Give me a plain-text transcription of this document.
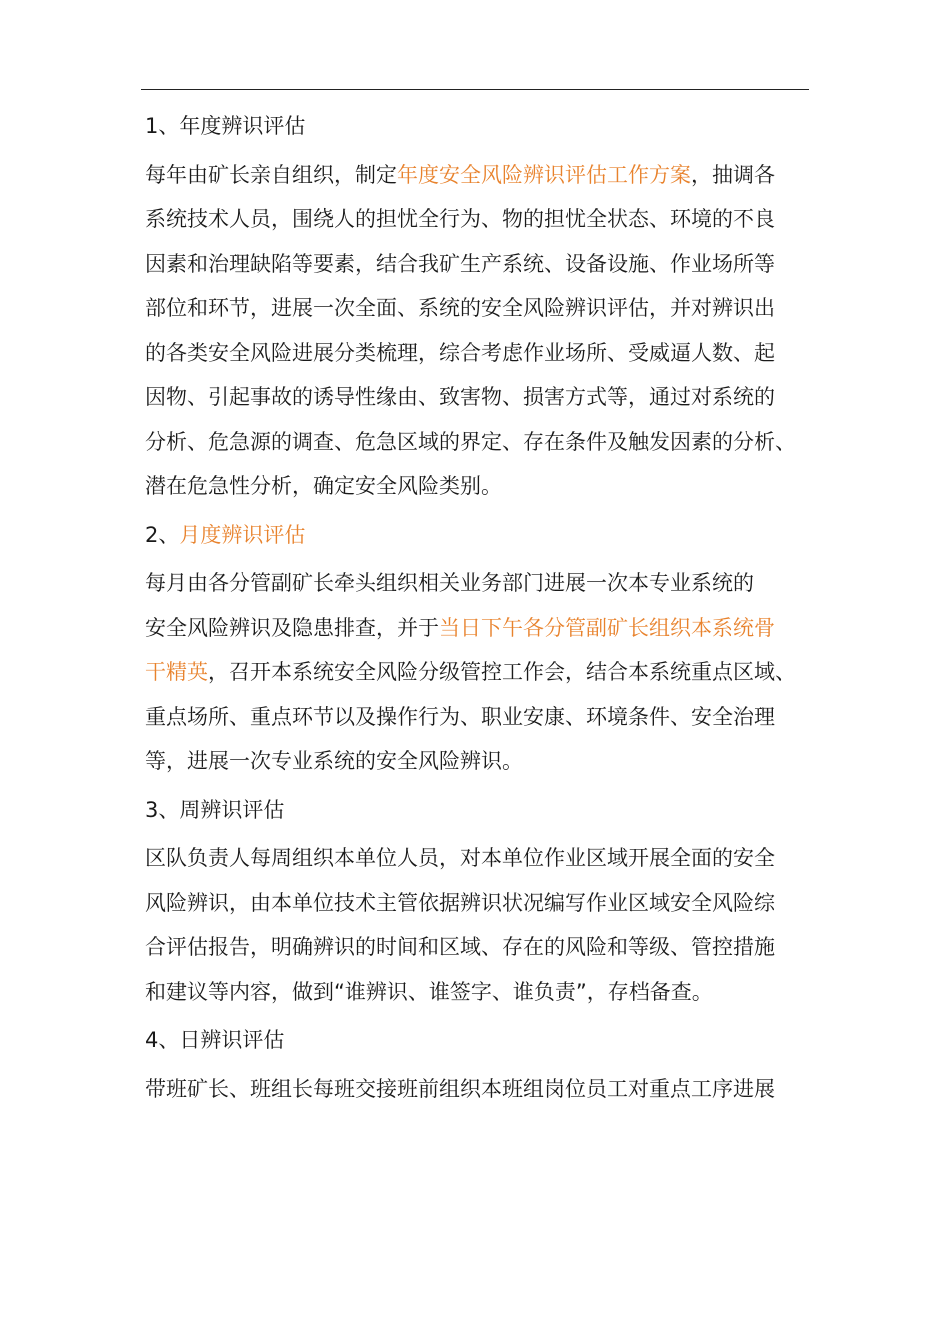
1、年度辨识评估
每年由矿长亲自组织，制定年度安全风险辨识评估工作方案，抽调各
系统技术人员，围绕人的担忧全行为、物的担忧全状态、环境的不良
因素和治理缺陷等要素，结合我矿生产系统、设备设施、作业场所等
部位和环节，进展一次全面、系统的安全风险辨识评估，并对辨识出
的各类安全风险进展分类梳理，综合考虑作业场所、受威逼人数、起
因物、引起事故的诱导性缘由、致害物、损害方式等，通过对系统的
分析、危急源的调查、危急区域的界定、存在条件及触发因素的分析、
潜在危急性分析，确定安全风险类别。
2、月度辨识评估
每月由各分管副矿长牵头组织相关业务部门进展一次本专业系统的
安全风险辨识及隐患排查，并于当日下午各分管副矿长组织本系统骨
干精英，召开本系统安全风险分级管控工作会，结合本系统重点区域、
重点场所、重点环节以及操作行为、职业安康、环境条件、安全治理
等，进展一次专业系统的安全风险辨识。
3、周辨识评估
区队负责人每周组织本单位人员，对本单位作业区域开展全面的安全
风险辨识，由本单位技术主管依据辨识状况编写作业区域安全风险综
合评估报告，明确辨识的时间和区域、存在的风险和等级、管控措施
和建议等内容，做到“谁辨识、谁签字、谁负责”，存档备查。
4、日辨识评估
带班矿长、班组长每班交接班前组织本班组岗位员工对重点工序进展
